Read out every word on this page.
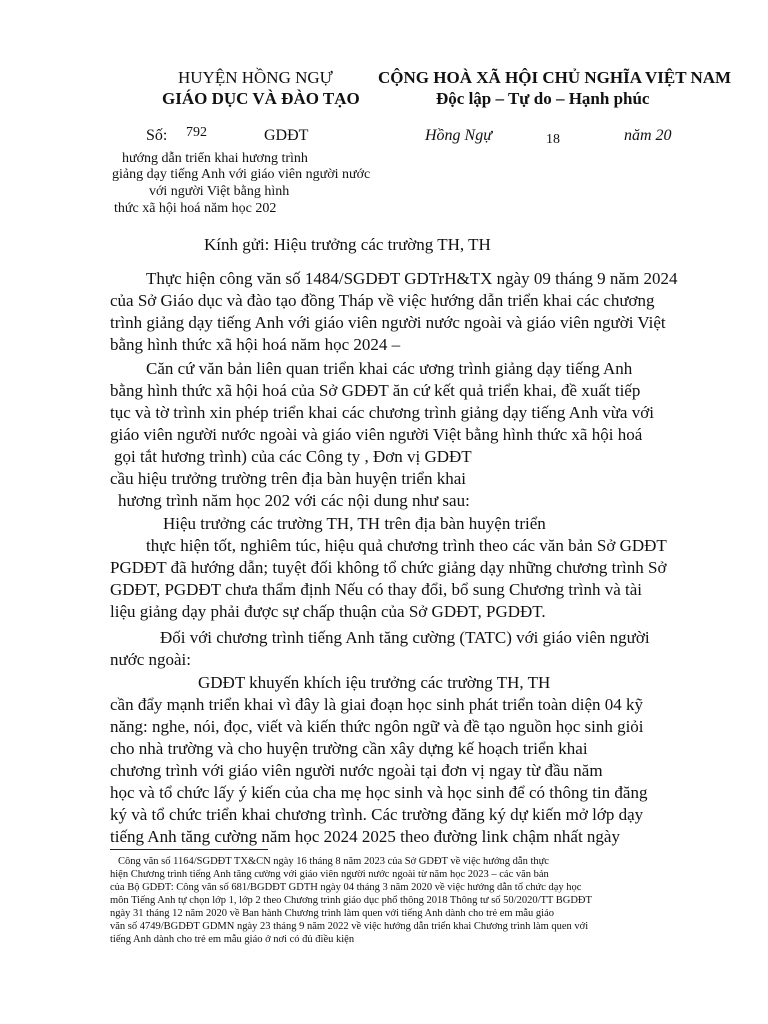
HUYỆN HỒNG NGỰ
GIÁO DỤC VÀ ĐÀO TẠO
CỘNG HOÀ XÃ HỘI CHỦ NGHĨA VIỆT NAM
Độc lập – Tự do – Hạnh phúc
Số: 792	GDĐT	Hồng Ngự	18	năm 20
hướng dẫn triển khai hương trình
giảng dạy tiếng Anh với giáo viên người nước
với người Việt bằng hình
thức xã hội hoá năm học 202
Kính gửi: Hiệu trưởng các trường TH, TH
Thực hiện công văn số 1484/SGDĐT GDTrH&TX ngày 09 tháng 9 năm 2024
của Sở Giáo dục và đào tạo đồng Tháp về việc hướng dẫn triển khai các chương
trình giảng dạy tiếng Anh với giáo viên người nước ngoài và giáo viên người Việt
bằng hình thức xã hội hoá năm học 2024 –
Căn cứ văn bản liên quan triển khai các ương trình giảng dạy tiếng Anh
bằng hình thức xã hội hoá của Sở GDĐT ăn cứ kết quả triển khai, đề xuất tiếp
tục và tờ trình xin phép triển khai các chương trình giảng dạy tiếng Anh vừa với
giáo viên người nước ngoài và giáo viên người Việt bằng hình thức xã hội hoá
gọi tắt hương trình) của các Công ty , Đơn vị GDĐT
cầu hiệu trưởng trường trên địa bàn huyện triển khai
hương trình năm học 202 với các nội dung như sau:
Hiệu trưởng các trường TH, TH trên địa bàn huyện triển
thực hiện tốt, nghiêm túc, hiệu quả chương trình theo các văn bản Sở GDĐT
PGDĐT đã hướng dẫn; tuyệt đối không tổ chức giảng dạy những chương trình Sở
GDĐT, PGDĐT chưa thẩm định Nếu có thay đổi, bổ sung Chương trình và tài
liệu giảng dạy phải được sự chấp thuận của Sở GDĐT, PGDĐT.
Đối với chương trình tiếng Anh tăng cường (TATC) với giáo viên người
nước ngoài:
GDĐT khuyến khích iệu trưởng các trường TH, TH
cần đẩy mạnh triển khai vì đây là giai đoạn học sinh phát triển toàn diện 04 kỹ
năng: nghe, nói, đọc, viết và kiến thức ngôn ngữ và đề tạo nguồn học sinh giỏi
cho nhà trường và cho huyện trường cần xây dựng kế hoạch triển khai
chương trình với giáo viên người nước ngoài tại đơn vị ngay từ đầu năm
học và tổ chức lấy ý kiến của cha mẹ học sinh và học sinh để có thông tin đăng
ký và tổ chức triển khai chương trình. Các trường đăng ký dự kiến mở lớp dạy
tiếng Anh tăng cường năm học 2024 2025 theo đường link chậm nhất ngày
Công văn số 1164/SGDĐT TX&CN ngày 16 tháng 8 năm 2023 của Sở GDĐT về việc hướng dẫn thực
hiện Chương trình tiếng Anh tăng cường với giáo viên người nước ngoài từ năm học 2023 – các văn bản
của Bộ GDĐT: Công văn số 681/BGDĐT GDTH ngày 04 tháng 3 năm 2020 về việc hướng dẫn tổ chức dạy học
môn Tiếng Anh tự chọn lớp 1, lớp 2 theo Chương trình giáo dục phổ thông 2018 Thông tư số 50/2020/TT BGDĐT
ngày 31 tháng 12 năm 2020 về Ban hành Chương trình làm quen với tiếng Anh dành cho trẻ em mẫu giáo
văn số 4749/BGDĐT GDMN ngày 23 tháng 9 năm 2022 về việc hướng dẫn triển khai Chương trình làm quen với
tiếng Anh dành cho trẻ em mẫu giáo ở nơi có đủ điều kiện
